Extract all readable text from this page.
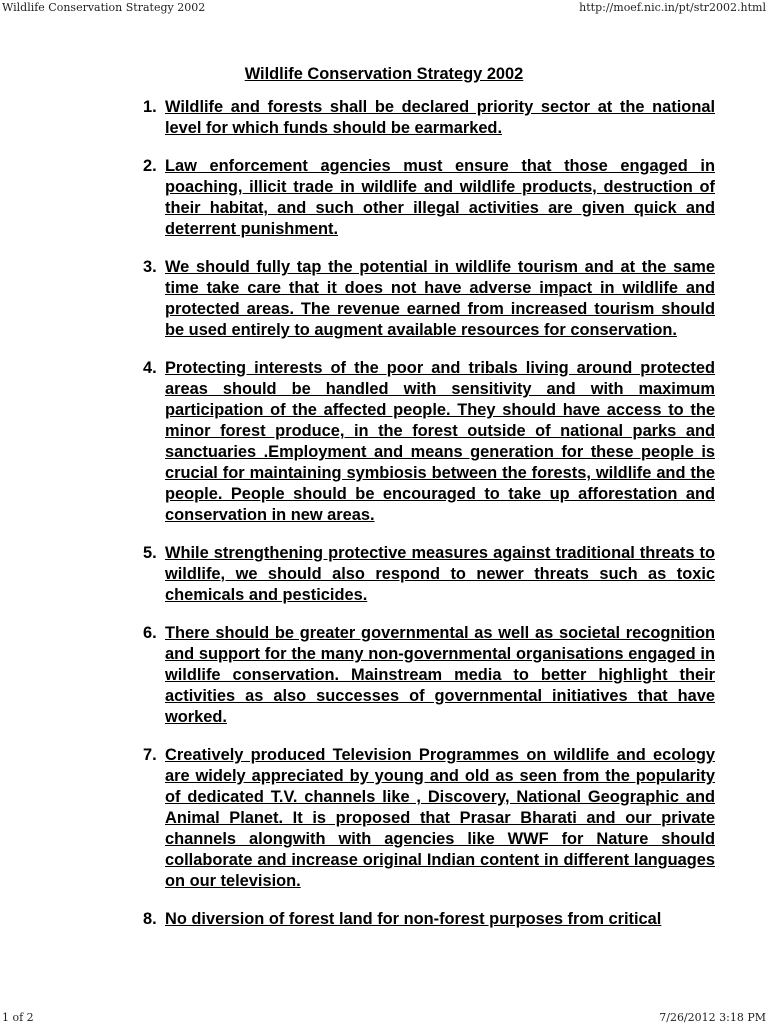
Wildlife Conservation Strategy 2002	http://moef.nic.in/pt/str2002.html
Wildlife Conservation Strategy 2002
1. Wildlife and forests shall be declared priority sector at the national level for which funds should be earmarked.
2. Law enforcement agencies must ensure that those engaged in poaching, illicit trade in wildlife and wildlife products, destruction of their habitat, and such other illegal activities are given quick and deterrent punishment.
3. We should fully tap the potential in wildlife tourism and at the same time take care that it does not have adverse impact in wildlife and protected areas. The revenue earned from increased tourism should be used entirely to augment available resources for conservation.
4. Protecting interests of the poor and tribals living around protected areas should be handled with sensitivity and with maximum participation of the affected people. They should have access to the minor forest produce, in the forest outside of national parks and sanctuaries .Employment and means generation for these people is crucial for maintaining symbiosis between the forests, wildlife and the people. People should be encouraged to take up afforestation and conservation in new areas.
5. While strengthening protective measures against traditional threats to wildlife, we should also respond to newer threats such as toxic chemicals and pesticides.
6. There should be greater governmental as well as societal recognition and support for the many non-governmental organisations engaged in wildlife conservation. Mainstream media to better highlight their activities as also successes of governmental initiatives that have worked.
7. Creatively produced Television Programmes on wildlife and ecology are widely appreciated by young and old as seen from the popularity of dedicated T.V. channels like , Discovery, National Geographic and Animal Planet. It is proposed that Prasar Bharati and our private channels alongwith with agencies like WWF for Nature should collaborate and increase original Indian content in different languages on our television.
8. No diversion of forest land for non-forest purposes from critical
1 of 2	7/26/2012 3:18 PM
